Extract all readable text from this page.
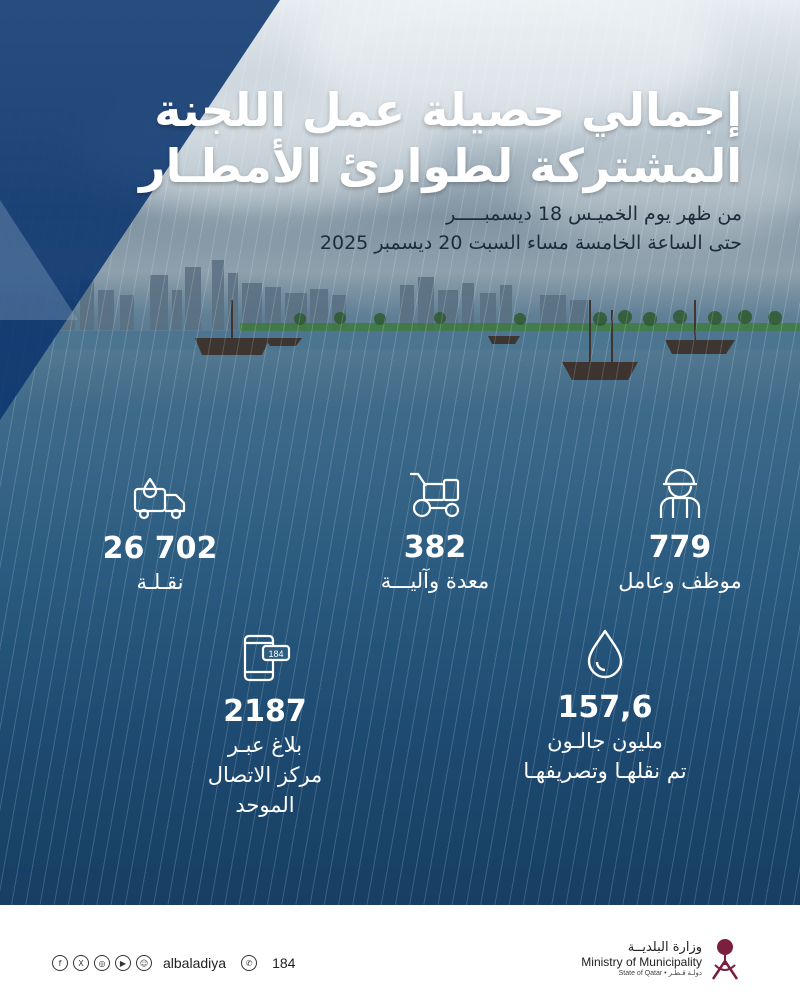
إجمالي حصيلة عمل اللجنة
المشتركة لطوارئ الأمطـار
من ظهر يوم الخميـس 18 ديسمبـــــر
حتى الساعة الخامسة مساء السبت 20 ديسمبر 2025
26 702
نقـلـة
382
معدة وآليـــة
779
موظف وعامل
184
2187
بلاغ عبـر
مركز الاتصال الموحد
157,6
مليون جالـون
تم نقلهـا وتصريفهـا
f	X	◎	▶	☺ albaladiya	✆	184
وزارة البلديــة
Ministry of Municipality
State of Qatar • دولـة قـطـر
